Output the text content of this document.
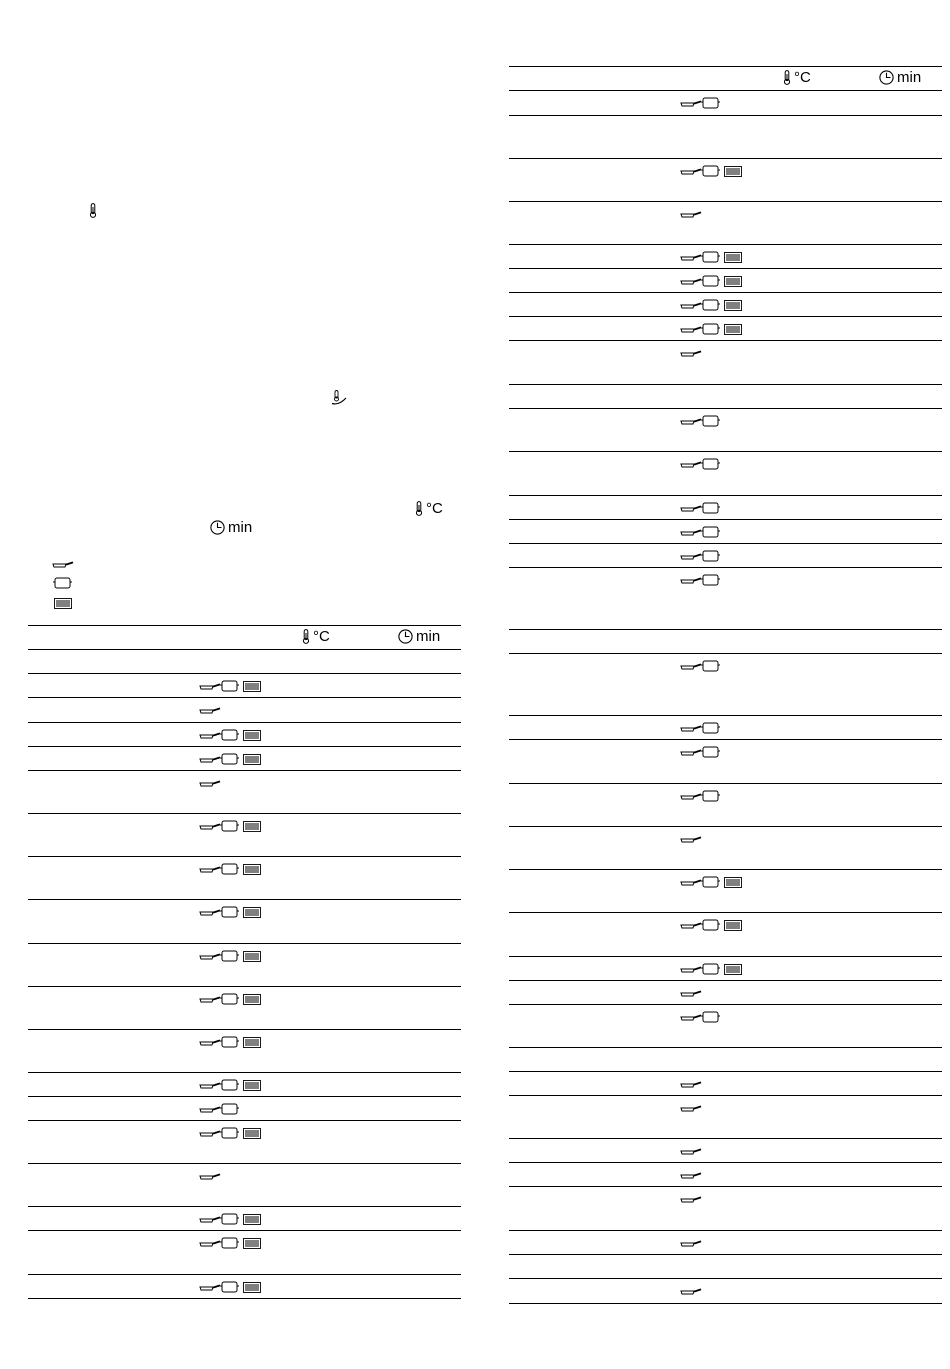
°C
min
°C	min
°C	min
